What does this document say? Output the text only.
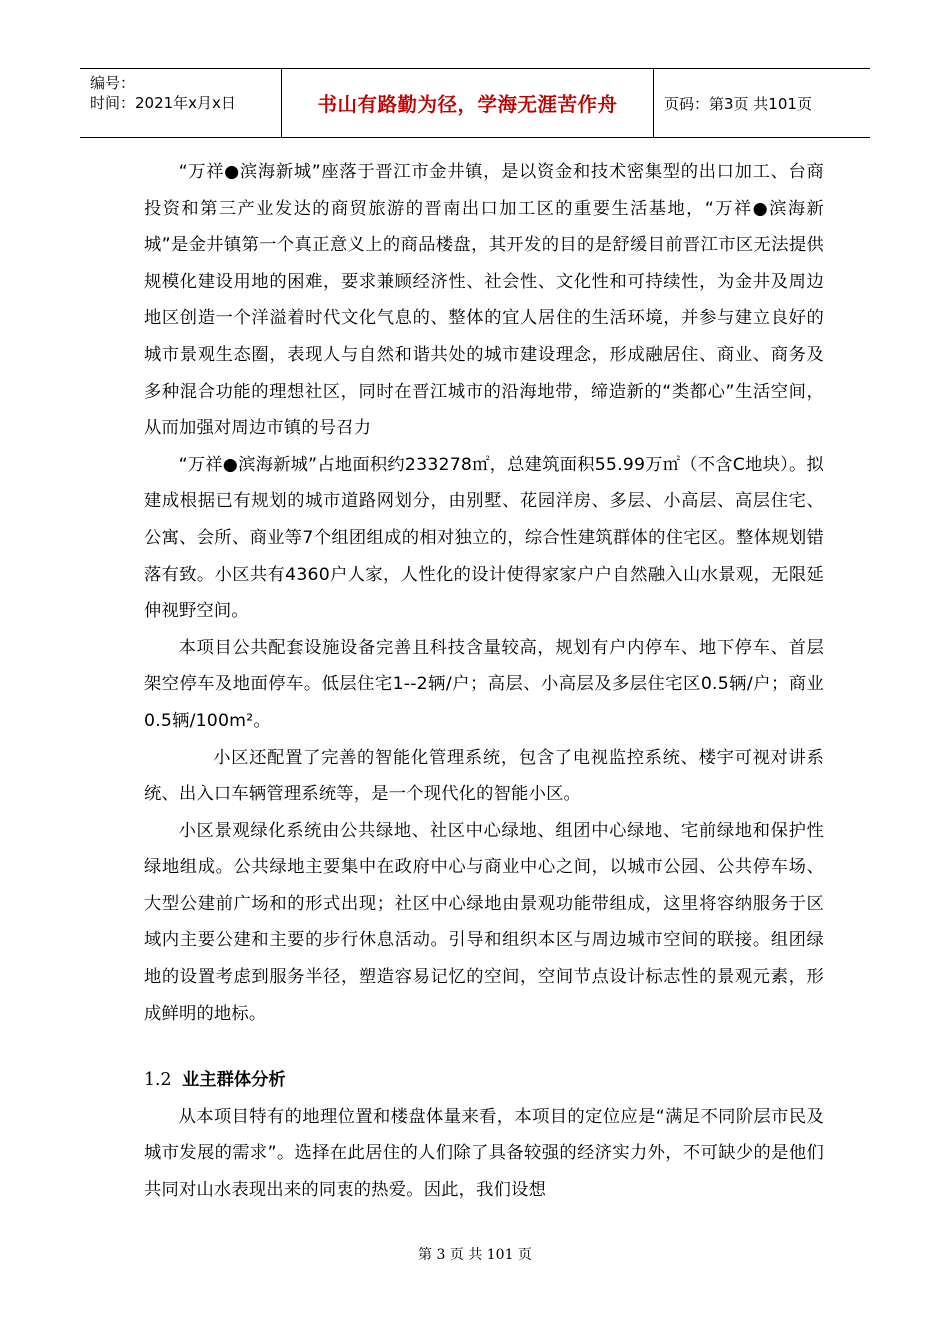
编号：
时间：2021年x月x日	书山有路勤为径，学海无涯苦作舟	页码：第3页 共101页

“万祥●滨海新城”座落于晋江市金井镇，是以资金和技术密集型的出口加工、台商投资和第三产业发达的商贸旅游的晋南出口加工区的重要生活基地，“万祥●滨海新城”是金井镇第一个真正意义上的商品楼盘，其开发的目的是舒缓目前晋江市区无法提供规模化建设用地的困难，要求兼顾经济性、社会性、文化性和可持续性，为金井及周边地区创造一个洋溢着时代文化气息的、整体的宜人居住的生活环境，并参与建立良好的城市景观生态圈，表现人与自然和谐共处的城市建设理念，形成融居住、商业、商务及多种混合功能的理想社区，同时在晋江城市的沿海地带，缔造新的“类都心”生活空间，从而加强对周边市镇的号召力

“万祥●滨海新城”占地面积约233278㎡，总建筑面积55.99万㎡（不含C地块）。拟建成根据已有规划的城市道路网划分，由别墅、花园洋房、多层、小高层、高层住宅、公寓、会所、商业等7个组团组成的相对独立的，综合性建筑群体的住宅区。整体规划错落有致。小区共有4360户人家，人性化的设计使得家家户户自然融入山水景观，无限延伸视野空间。

本项目公共配套设施设备完善且科技含量较高，规划有户内停车、地下停车、首层架空停车及地面停车。低层住宅1--2辆/户；高层、小高层及多层住宅区0.5辆/户；商业0.5辆/100m²。

小区还配置了完善的智能化管理系统，包含了电视监控系统、楼宇可视对讲系统、出入口车辆管理系统等，是一个现代化的智能小区。

小区景观绿化系统由公共绿地、社区中心绿地、组团中心绿地、宅前绿地和保护性绿地组成。公共绿地主要集中在政府中心与商业中心之间，以城市公园、公共停车场、大型公建前广场和的形式出现；社区中心绿地由景观功能带组成，这里将容纳服务于区域内主要公建和主要的步行休息活动。引导和组织本区与周边城市空间的联接。组团绿地的设置考虑到服务半径，塑造容易记忆的空间，空间节点设计标志性的景观元素，形成鲜明的地标。

1.2 业主群体分析

从本项目特有的地理位置和楼盘体量来看，本项目的定位应是“满足不同阶层市民及城市发展的需求”。选择在此居住的人们除了具备较强的经济实力外，不可缺少的是他们共同对山水表现出来的同衷的热爱。因此，我们设想

第 3 页 共 101 页
